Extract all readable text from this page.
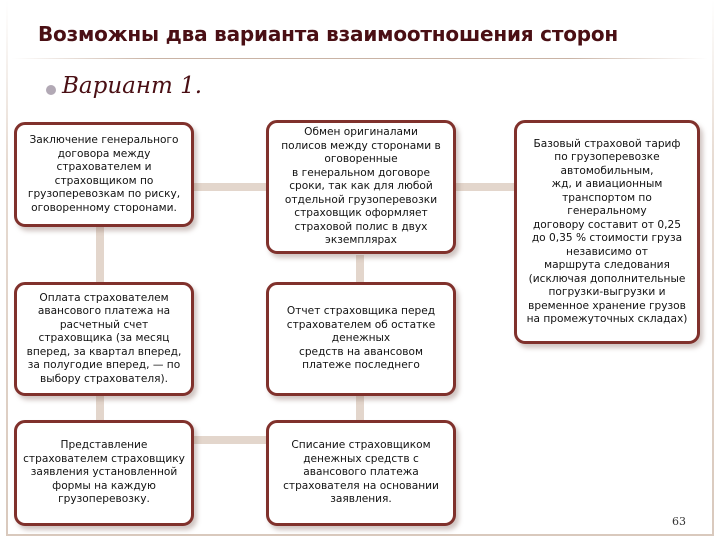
Возможны два варианта взаимоотношения сторон
Вариант 1.
Заключение генерального
договора между
страхователем и
страховщиком по
грузоперевозкам по риску,
оговоренному сторонами.
Оплата страхователем
авансового платежа на
расчетный счет
страховщика (за месяц
вперед, за квартал вперед,
за полугодие вперед, — по
выбору страхователя).
Представление
страхователем страховщику
заявления установленной
формы на каждую
грузоперевозку.
Обмен оригиналами
полисов между сторонами в
оговоренные
в генеральном договоре
сроки, так как для любой
отдельной грузоперевозки
страховщик оформляет
страховой полис в двух
экземплярах
Отчет страховщика перед
страхователем об остатке
денежных
средств на авансовом
платеже последнего
Списание страховщиком
денежных средств с
авансового платежа
страхователя на основании
заявления.
Базовый страховой тариф
по грузоперевозке
автомобильным,
жд, и авиационным
транспортом по
генеральному
договору составит от 0,25
до 0,35 % стоимости груза
независимо от
маршрута следования
(исключая дополнительные
погрузки-выгрузки и
временное хранение грузов
на промежуточных складах)
63
